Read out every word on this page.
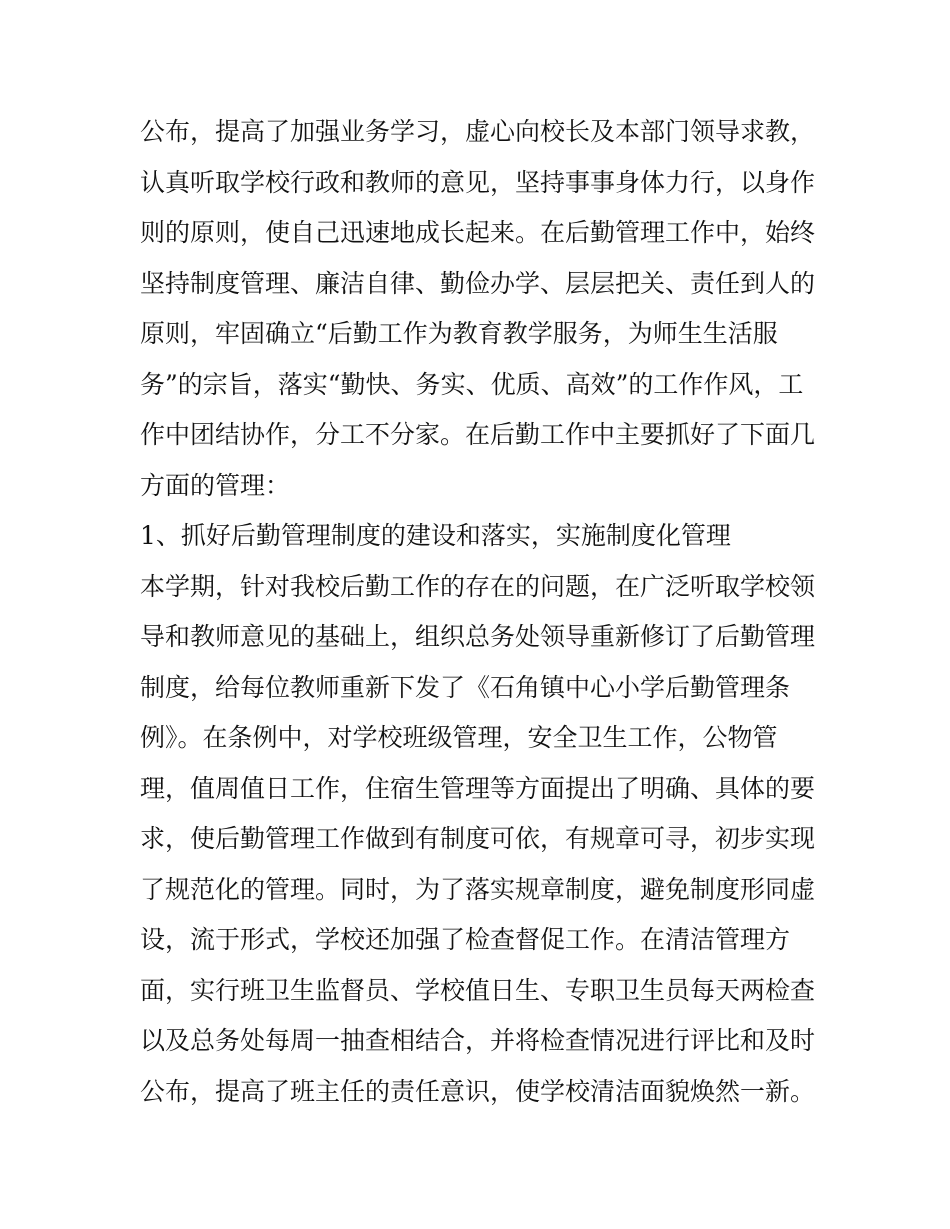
公布，提高了加强业务学习，虚心向校长及本部门领导求教，
认真听取学校行政和教师的意见，坚持事事身体力行，以身作
则的原则，使自己迅速地成长起来。在后勤管理工作中，始终
坚持制度管理、廉洁自律、勤俭办学、层层把关、责任到人的
原则，牢固确立“后勤工作为教育教学服务，为师生生活服
务”的宗旨，落实“勤快、务实、优质、高效”的工作作风，工
作中团结协作，分工不分家。在后勤工作中主要抓好了下面几
方面的管理：
1、抓好后勤管理制度的建设和落实，实施制度化管理
本学期，针对我校后勤工作的存在的问题，在广泛听取学校领
导和教师意见的基础上，组织总务处领导重新修订了后勤管理
制度，给每位教师重新下发了《石角镇中心小学后勤管理条
例》。在条例中，对学校班级管理，安全卫生工作，公物管
理，值周值日工作，住宿生管理等方面提出了明确、具体的要
求，使后勤管理工作做到有制度可依，有规章可寻，初步实现
了规范化的管理。同时，为了落实规章制度，避免制度形同虚
设，流于形式，学校还加强了检查督促工作。在清洁管理方
面，实行班卫生监督员、学校值日生、专职卫生员每天两检查
以及总务处每周一抽查相结合，并将检查情况进行评比和及时
公布，提高了班主任的责任意识，使学校清洁面貌焕然一新。
